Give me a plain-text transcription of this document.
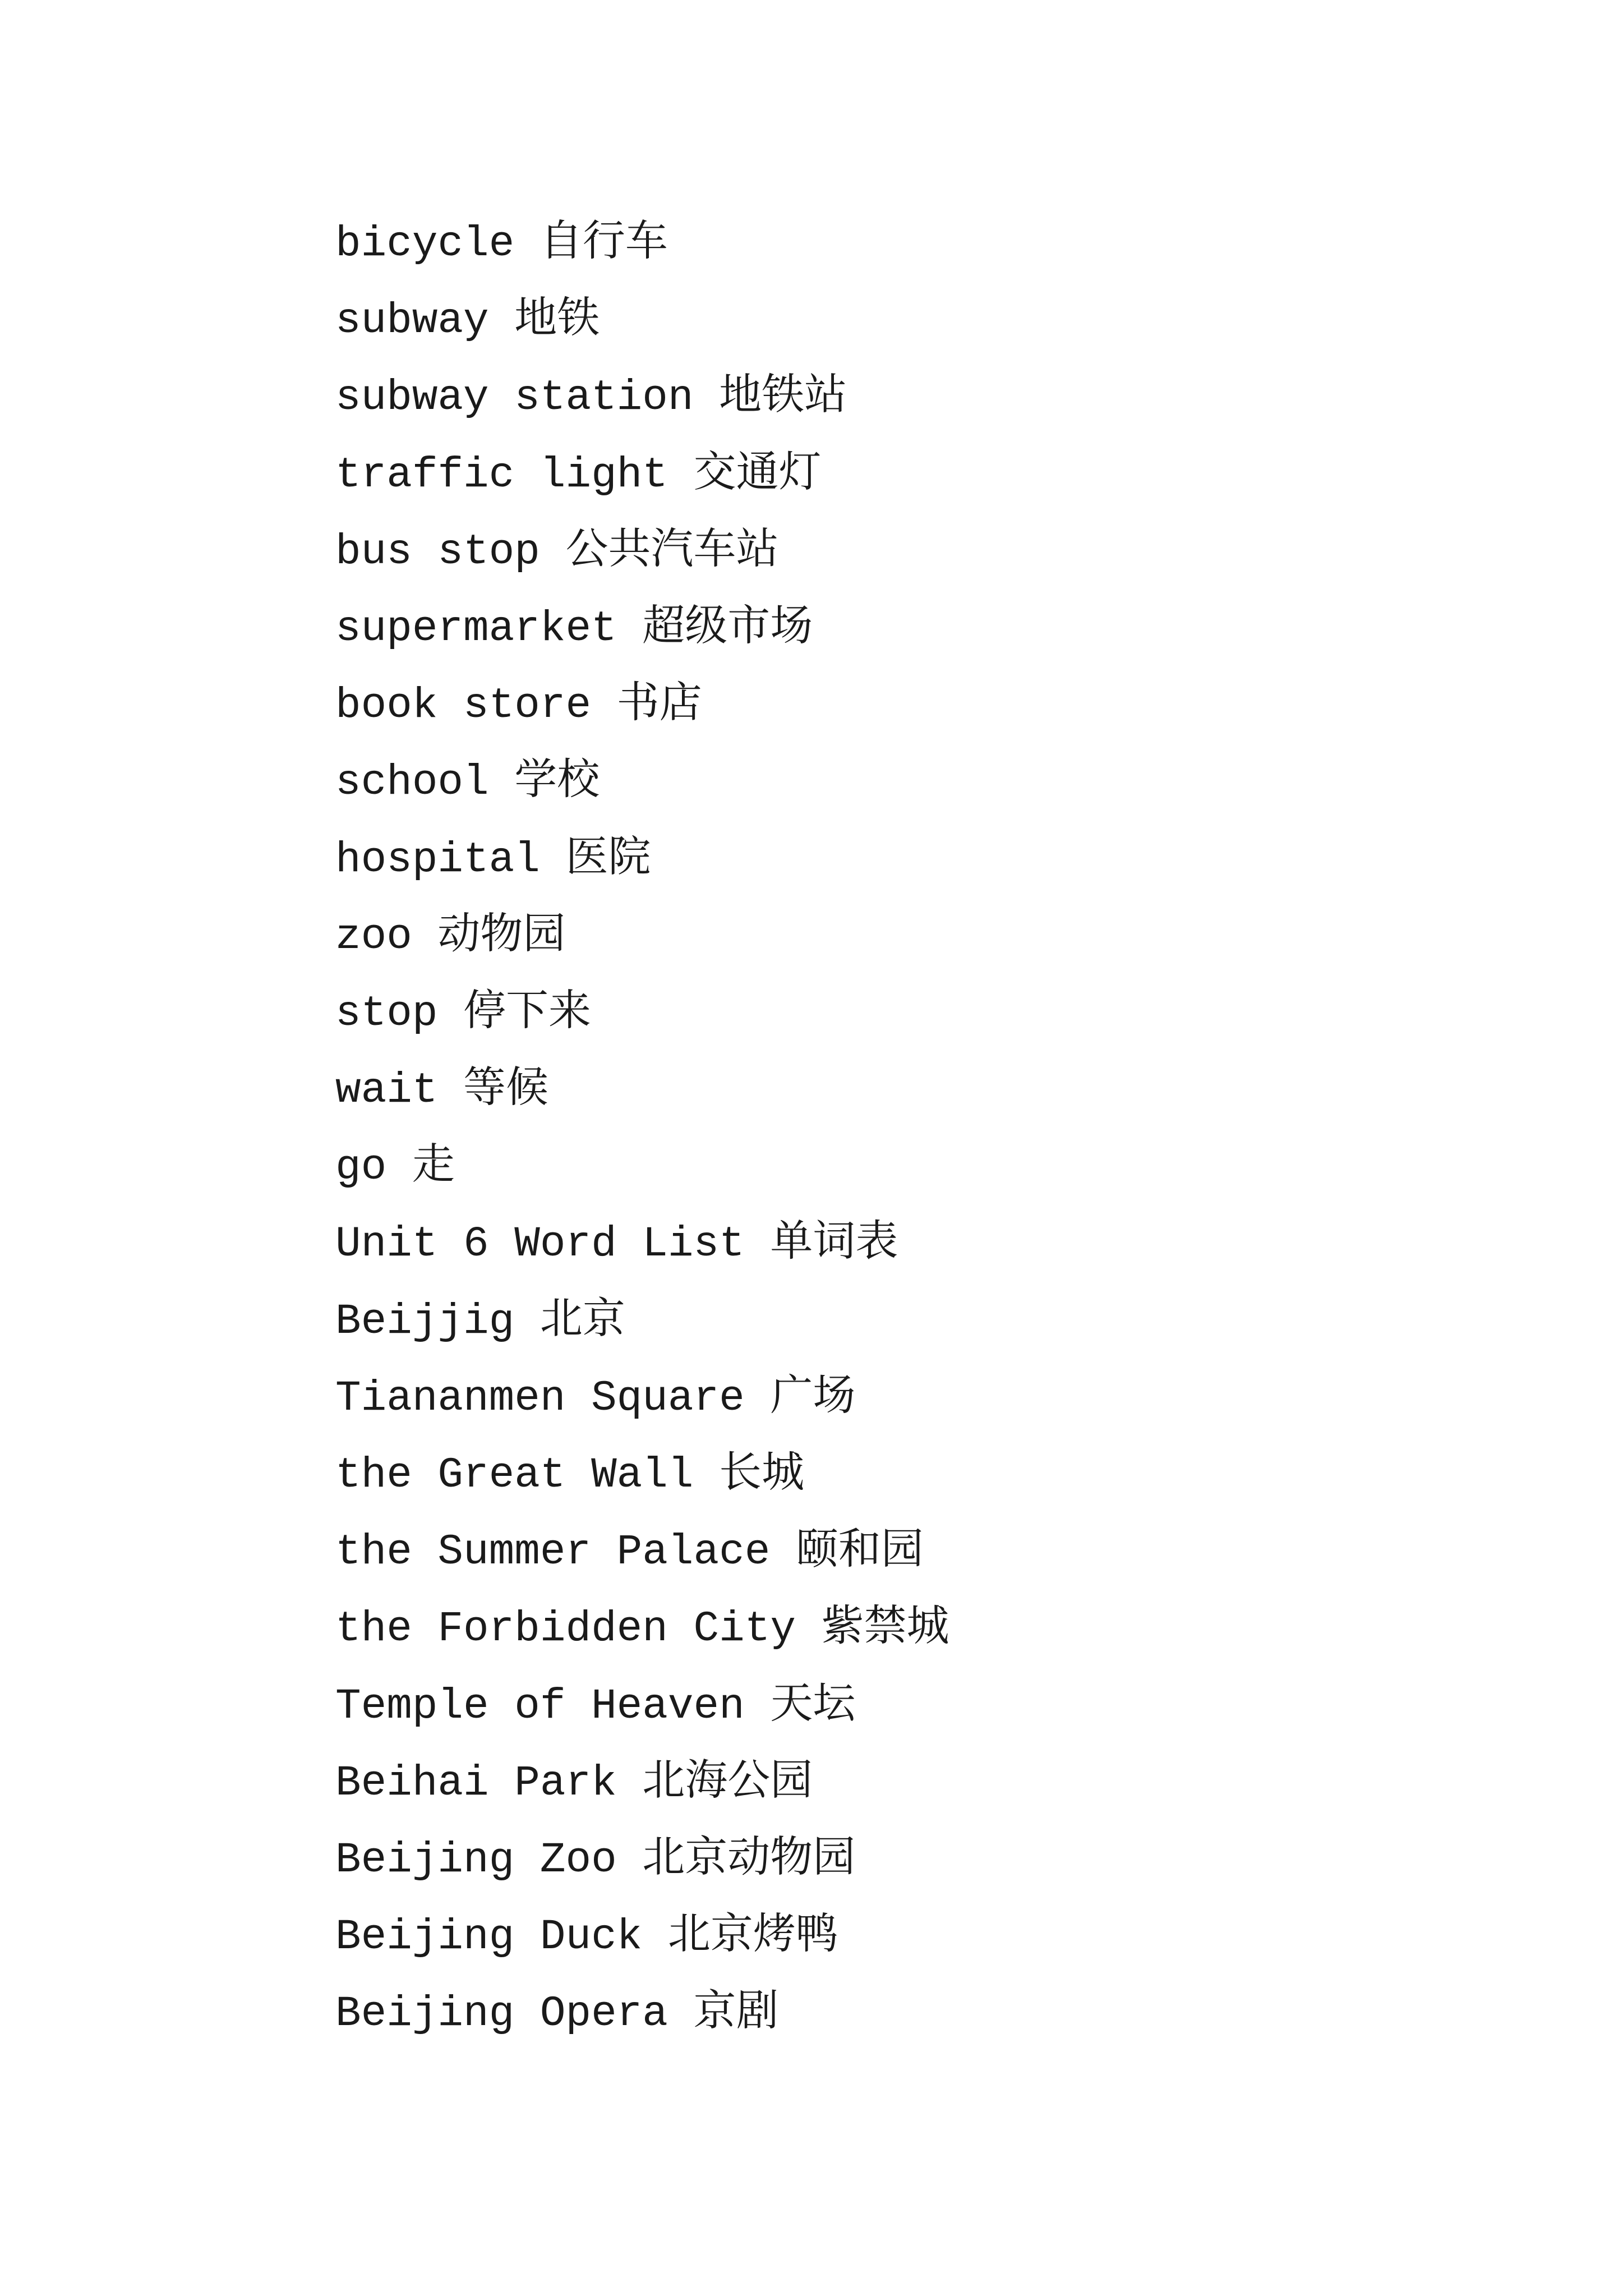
bicycle 自行车
subway 地铁
subway station 地铁站
traffic light 交通灯
bus stop 公共汽车站
supermarket 超级市场
book store 书店
school 学校
hospital 医院
zoo 动物园
stop 停下来
wait 等候
go 走
Unit 6 Word List 单词表
Beijjig 北京
Tiananmen Square 广场
the Great Wall 长城
the Summer Palace 颐和园
the Forbidden City 紫禁城
Temple of Heaven 天坛
Beihai Park 北海公园
Beijing Zoo 北京动物园
Beijing Duck 北京烤鸭
Beijing Opera 京剧
